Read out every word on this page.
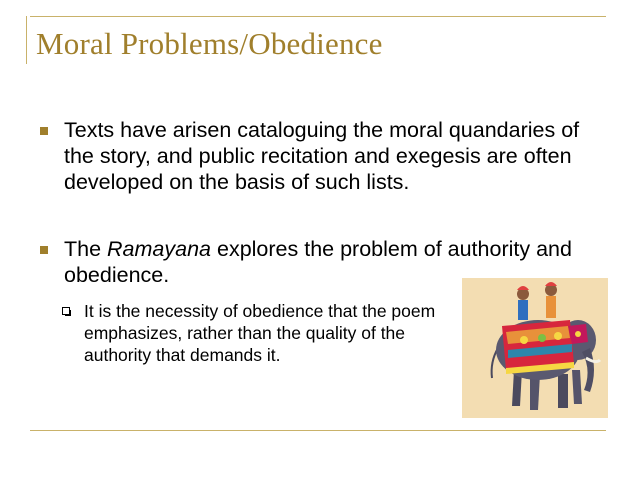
Moral Problems/Obedience
Texts have arisen cataloguing the moral quandaries of the story, and public recitation and exegesis are often developed on the basis of such lists.
The Ramayana explores the problem of authority and obedience.
It is the necessity of obedience that the poem emphasizes, rather than the quality of the authority that demands it.
